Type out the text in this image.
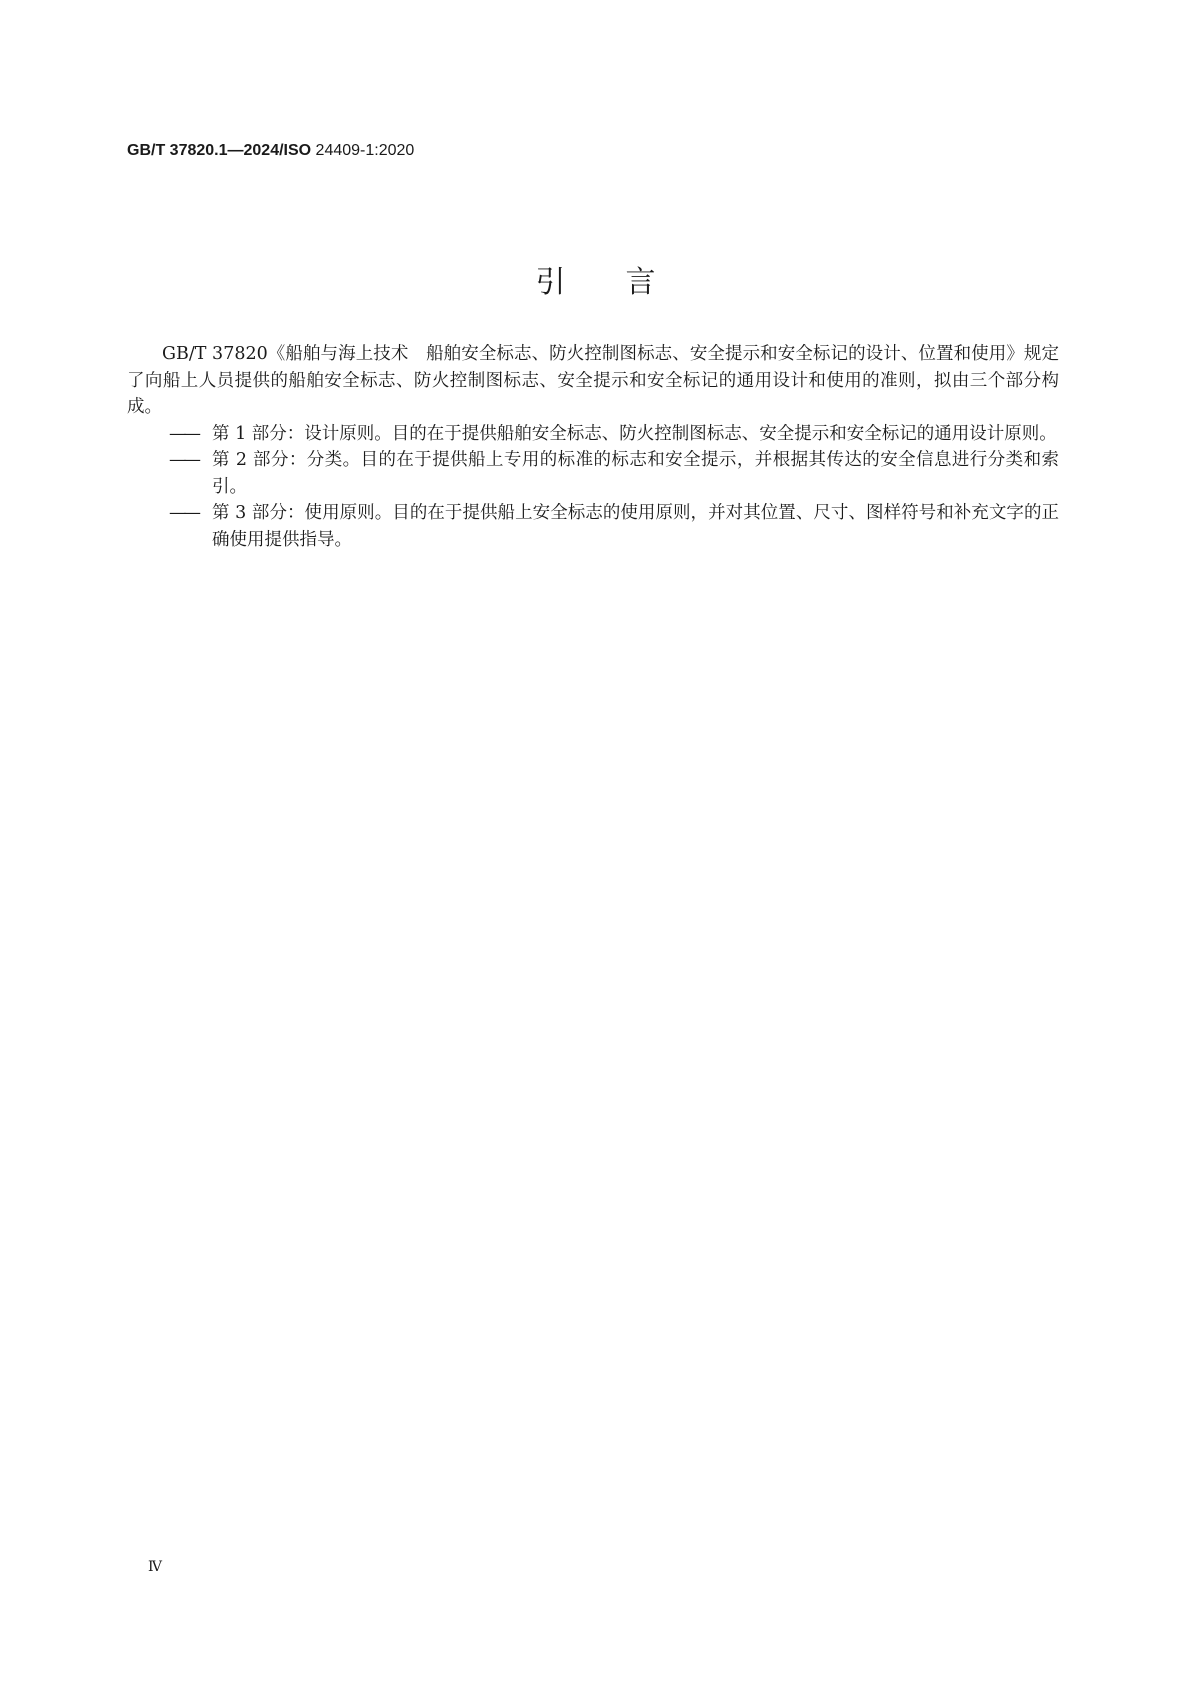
GB/T 37820.1—2024/ISO 24409-1:2020
引言

GB/T 37820《船舶与海上技术　船舶安全标志、防火控制图标志、安全提示和安全标记的设计、位置和使用》规定了向船上人员提供的船舶安全标志、防火控制图标志、安全提示和安全标记的通用设计和使用的准则，拟由三个部分构成。

—— 第 1 部分：设计原则。目的在于提供船舶安全标志、防火控制图标志、安全提示和安全标记的通用设计原则。
—— 第 2 部分：分类。目的在于提供船上专用的标准的标志和安全提示，并根据其传达的安全信息进行分类和索引。
—— 第 3 部分：使用原则。目的在于提供船上安全标志的使用原则，并对其位置、尺寸、图样符号和补充文字的正确使用提供指导。
Ⅳ
